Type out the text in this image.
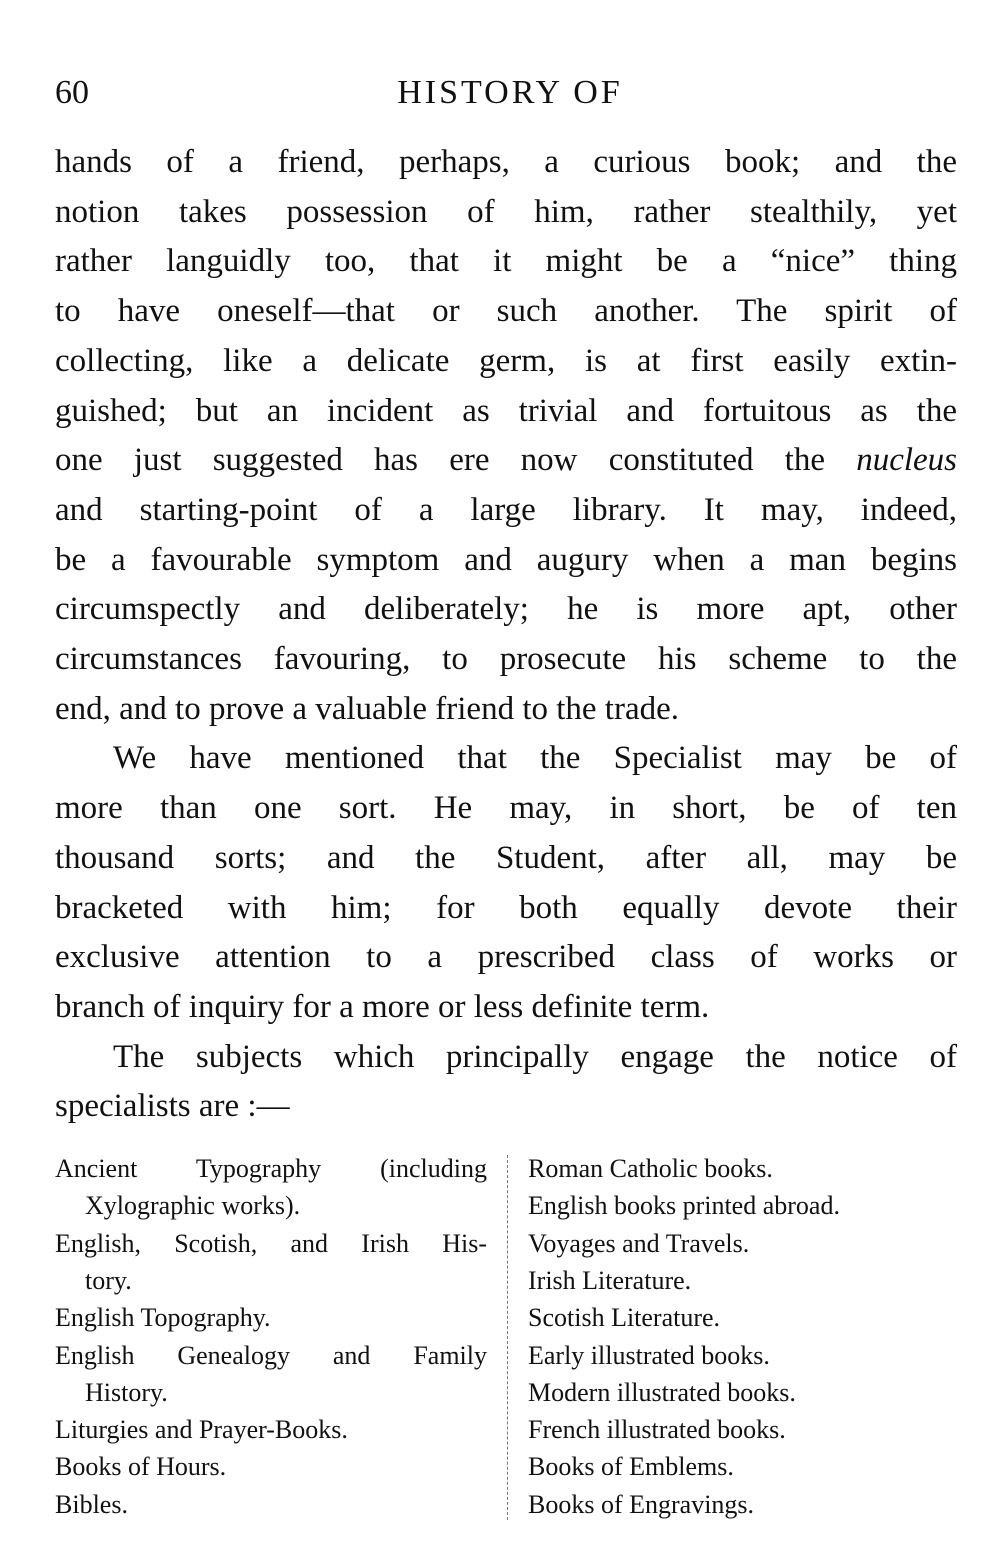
60	HISTORY OF
hands of a friend, perhaps, a curious book; and the
notion takes possession of him, rather stealthily, yet
rather languidly too, that it might be a “nice” thing
to have oneself—that or such another. The spirit of
collecting, like a delicate germ, is at first easily extin-
guished; but an incident as trivial and fortuitous as the
one just suggested has ere now constituted the nucleus
and starting-point of a large library. It may, indeed,
be a favourable symptom and augury when a man begins
circumspectly and deliberately; he is more apt, other
circumstances favouring, to prosecute his scheme to the
end, and to prove a valuable friend to the trade.
We have mentioned that the Specialist may be of
more than one sort. He may, in short, be of ten
thousand sorts; and the Student, after all, may be
bracketed with him; for both equally devote their
exclusive attention to a prescribed class of works or
branch of inquiry for a more or less definite term.
The subjects which principally engage the notice of
specialists are :—
Ancient Typography (including
Xylographic works).
English, Scotish, and Irish His-
tory.
English Topography.
English Genealogy and Family
History.
Liturgies and Prayer-Books.
Books of Hours.
Bibles.
Roman Catholic books.
English books printed abroad.
Voyages and Travels.
Irish Literature.
Scotish Literature.
Early illustrated books.
Modern illustrated books.
French illustrated books.
Books of Emblems.
Books of Engravings.
